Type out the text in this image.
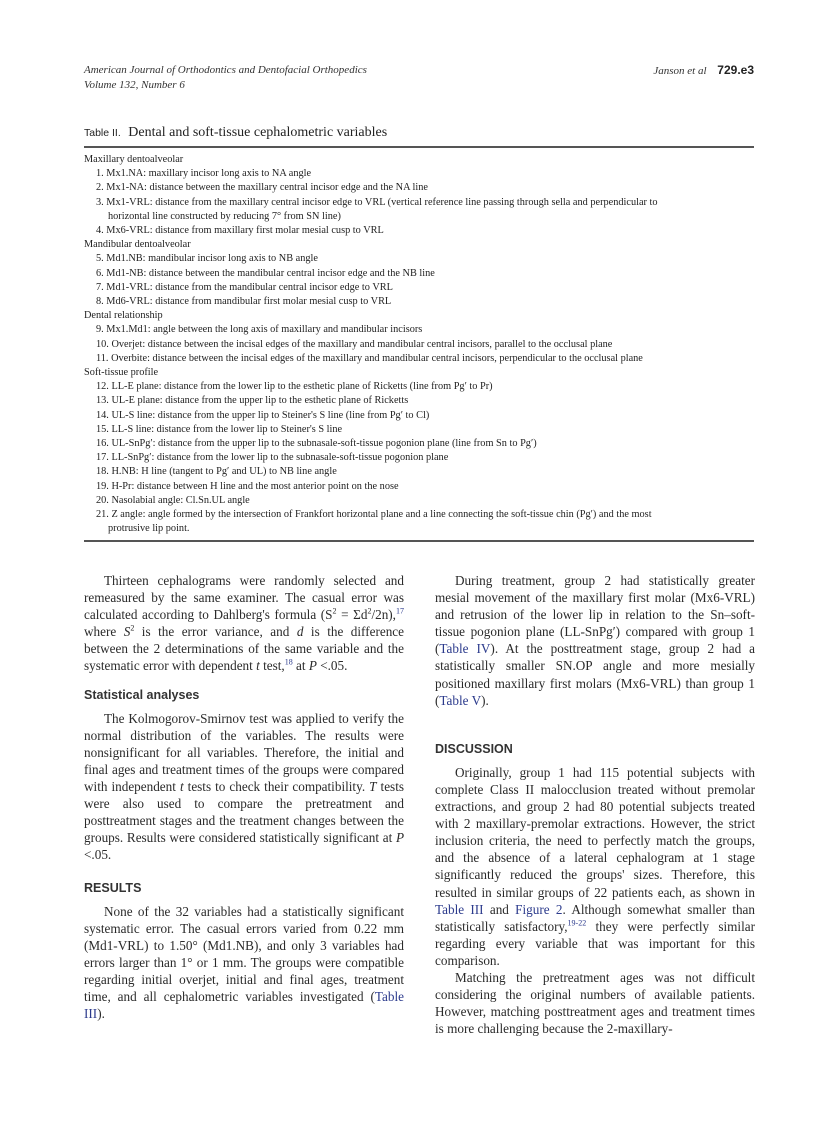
American Journal of Orthodontics and Dentofacial Orthopedics
Volume 132, Number 6
Janson et al 729.e3
Table II. Dental and soft-tissue cephalometric variables
Maxillary dentoalveolar
1. Mx1.NA: maxillary incisor long axis to NA angle
2. Mx1-NA: distance between the maxillary central incisor edge and the NA line
3. Mx1-VRL: distance from the maxillary central incisor edge to VRL (vertical reference line passing through sella and perpendicular to
horizontal line constructed by reducing 7° from SN line)
4. Mx6-VRL: distance from maxillary first molar mesial cusp to VRL
Mandibular dentoalveolar
5. Md1.NB: mandibular incisor long axis to NB angle
6. Md1-NB: distance between the mandibular central incisor edge and the NB line
7. Md1-VRL: distance from the mandibular central incisor edge to VRL
8. Md6-VRL: distance from mandibular first molar mesial cusp to VRL
Dental relationship
9. Mx1.Md1: angle between the long axis of maxillary and mandibular incisors
10. Overjet: distance between the incisal edges of the maxillary and mandibular central incisors, parallel to the occlusal plane
11. Overbite: distance between the incisal edges of the maxillary and mandibular central incisors, perpendicular to the occlusal plane
Soft-tissue profile
12. LL-E plane: distance from the lower lip to the esthetic plane of Ricketts (line from Pg′ to Pr)
13. UL-E plane: distance from the upper lip to the esthetic plane of Ricketts
14. UL-S line: distance from the upper lip to Steiner's S line (line from Pg′ to Cl)
15. LL-S line: distance from the lower lip to Steiner's S line
16. UL-SnPg′: distance from the upper lip to the subnasale-soft-tissue pogonion plane (line from Sn to Pg′)
17. LL-SnPg′: distance from the lower lip to the subnasale-soft-tissue pogonion plane
18. H.NB: H line (tangent to Pg′ and UL) to NB line angle
19. H-Pr: distance between H line and the most anterior point on the nose
20. Nasolabial angle: Cl.Sn.UL angle
21. Z angle: angle formed by the intersection of Frankfort horizontal plane and a line connecting the soft-tissue chin (Pg′) and the most
protrusive lip point.

Thirteen cephalograms were randomly selected and remeasured by the same examiner. The casual error was calculated according to Dahlberg's formula $(S^2 = \Sigma d^2/2n),^{17}$ where $S^2$ is the error variance, and d is the difference between the 2 determinations of the same variable and the systematic error with dependent t test,$^{18}$ at P <.05.

Statistical analyses

The Kolmogorov-Smirnov test was applied to verify the normal distribution of the variables. The results were nonsignificant for all variables. Therefore, the initial and final ages and treatment times of the groups were compared with independent t tests to check their compatibility. T tests were also used to compare the pretreatment and posttreatment stages and the treatment changes between the groups. Results were considered statistically significant at P <.05.

RESULTS

None of the 32 variables had a statistically significant systematic error. The casual errors varied from 0.22 mm (Md1-VRL) to 1.50° (Md1.NB), and only 3 variables had errors larger than 1° or 1 mm. The groups were compatible regarding initial overjet, initial and final ages, treatment time, and all cephalometric variables investigated (Table III).

During treatment, group 2 had statistically greater mesial movement of the maxillary first molar (Mx6-VRL) and retrusion of the lower lip in relation to the Sn–soft-tissue pogonion plane (LL-SnPg′) compared with group 1 (Table IV). At the posttreatment stage, group 2 had a statistically smaller SN.OP angle and more mesially positioned maxillary first molars (Mx6-VRL) than group 1 (Table V).

DISCUSSION

Originally, group 1 had 115 potential subjects with complete Class II malocclusion treated without premolar extractions, and group 2 had 80 potential subjects treated with 2 maxillary-premolar extractions. However, the strict inclusion criteria, the need to perfectly match the groups, and the absence of a lateral cephalogram at 1 stage significantly reduced the groups' sizes. Therefore, this resulted in similar groups of 22 patients each, as shown in Table III and Figure 2. Although somewhat smaller than statistically satisfactory,$^{19-22}$ they were perfectly similar regarding every variable that was important for this comparison.

Matching the pretreatment ages was not difficult considering the original numbers of available patients. However, matching posttreatment ages and treatment times is more challenging because the 2-maxillary-
